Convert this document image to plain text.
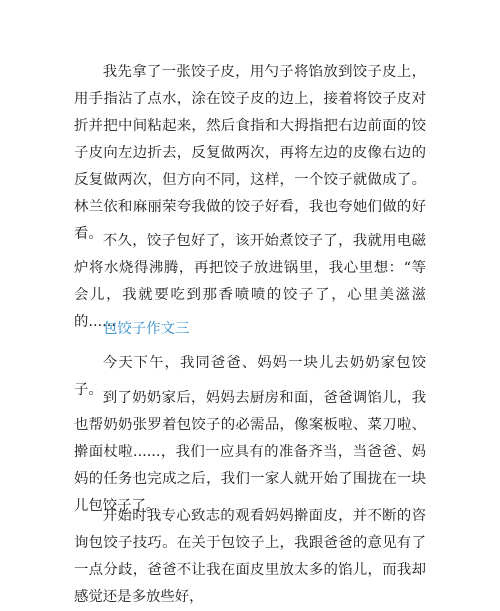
我先拿了一张饺子皮，用勺子将馅放到饺子皮上，用手指沾了点水，涂在饺子皮的边上，接着将饺子皮对折并把中间粘起来，然后食指和大拇指把右边前面的饺子皮向左边折去，反复做两次，再将左边的皮像右边的反复做两次，但方向不同，这样，一个饺子就做成了。林兰依和麻丽荣夸我做的饺子好看，我也夸她们做的好看。 不久，饺子包好了，该开始煮饺子了，我就用电磁炉将水烧得沸腾，再把饺子放进锅里，我心里想：“等会儿，我就要吃到那香喷喷的饺子了，心里美滋滋的......

包饺子作文三

今天下午，我同爸爸、妈妈一块儿去奶奶家包饺子。 到了奶奶家后，妈妈去厨房和面，爸爸调馅儿，我也帮奶奶张罗着包饺子的必需品，像案板啦、菜刀啦、擀面杖啦......，我们一应具有的准备齐当，当爸爸、妈妈的任务也完成之后，我们一家人就开始了围拢在一块儿包饺子了。

开始时我专心致志的观看妈妈擀面皮，并不断的咨询包饺子技巧。在关于包饺子上，我跟爸爸的意见有了一点分歧，爸爸不让我在面皮里放太多的馅儿，而我却感觉还是多放些好，
